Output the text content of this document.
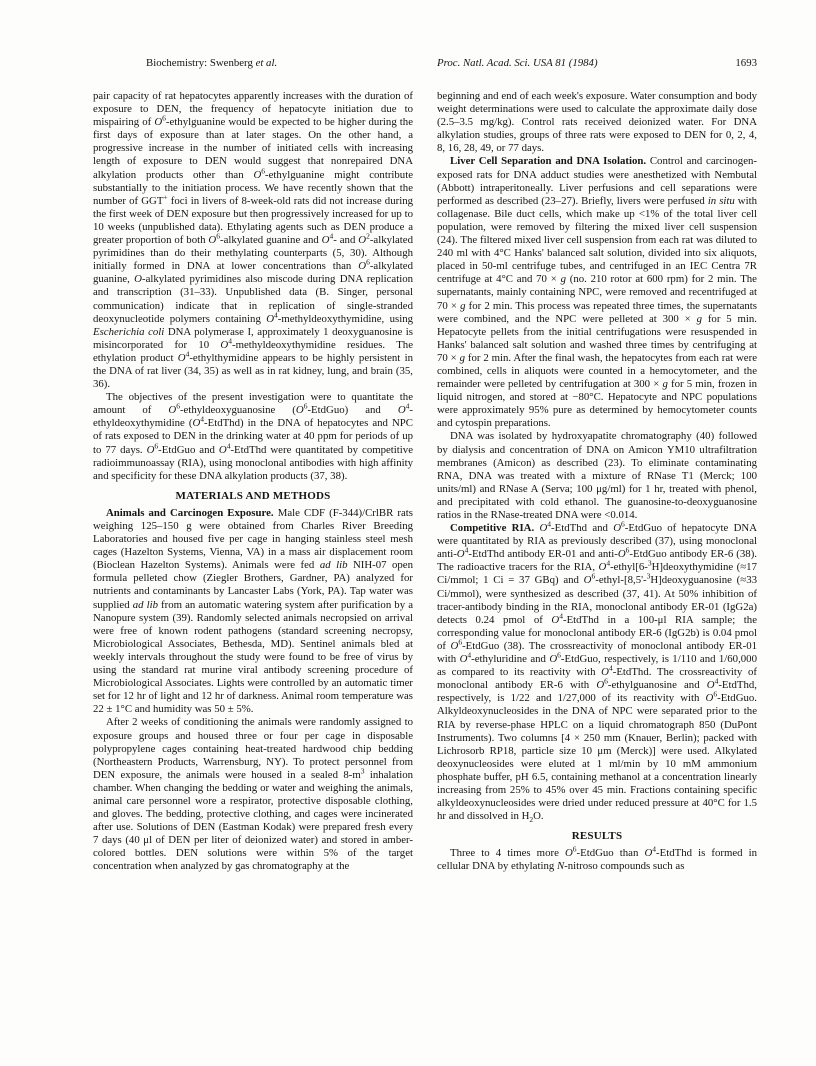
Biochemistry: Swenberg et al.	Proc. Natl. Acad. Sci. USA 81 (1984)	1693

pair capacity of rat hepatocytes apparently increases with the duration of exposure to DEN, the frequency of hepatocyte initiation due to mispairing of $O^6$-ethylguanine would be expected to be higher during the first days of exposure than at later stages. On the other hand, a progressive increase in the number of initiated cells with increasing length of exposure to DEN would suggest that nonrepaired DNA alkylation products other than $O^6$-ethylguanine might contribute substantially to the initiation process. We have recently shown that the number of GGT+ foci in livers of 8-week-old rats did not increase during the first week of DEN exposure but then progressively increased for up to 10 weeks (unpublished data). Ethylating agents such as DEN produce a greater proportion of both $O^6$-alkylated guanine and $O^4-$ and $O^2$-alkylated pyrimidines than do their methylating counterparts (5, 30). Although initially formed in DNA at lower concentrations than $O^6$-alkylated guanine, O-alkylated pyrimidines also miscode during DNA replication and transcription (31–33). Unpublished data (B. Singer, personal communication) indicate that in replication of single-stranded deoxynucleotide polymers containing $O^4$-methyldeoxythymidine, using Escherichia coli DNA polymerase I, approximately 1 deoxyguanosine is misincorporated for 10 $O^4$-methyldeoxythymidine residues. The ethylation product $O^4$-ethylthymidine appears to be highly persistent in the DNA of rat liver (34, 35) as well as in rat kidney, lung, and brain (35, 36).

The objectives of the present investigation were to quantitate the amount of $O^6$-ethyldeoxyguanosine $(O^6-EtdGuo)$ and $O^4$-ethyldeoxythymidine $(O^4-EtdThd)$ in the DNA of hepatocytes and NPC of rats exposed to DEN in the drinking water at 40 ppm for periods of up to 77 days. $O^6$-EtdGuo and $O^4$-EtdThd were quantitated by competitive radioimmunoassay (RIA), using monoclonal antibodies with high affinity and specificity for these DNA alkylation products (37, 38).

MATERIALS AND METHODS

Animals and Carcinogen Exposure. Male CDF (F-344)/CrlBR rats weighing 125–150 g were obtained from Charles River Breeding Laboratories and housed five per cage in hanging stainless steel mesh cages (Hazelton Systems, Vienna, VA) in a mass air displacement room (Bioclean Hazelton Systems). Animals were fed ad lib NIH-07 open formula pelleted chow (Ziegler Brothers, Gardner, PA) analyzed for nutrients and contaminants by Lancaster Labs (York, PA). Tap water was supplied ad lib from an automatic watering system after purification by a Nanopure system (39). Randomly selected animals necropsied on arrival were free of known rodent pathogens (standard screening necropsy, Microbiological Associates, Bethesda, MD). Sentinel animals bled at weekly intervals throughout the study were found to be free of virus by using the standard rat murine viral antibody screening procedure of Microbiological Associates. Lights were controlled by an automatic timer set for 12 hr of light and 12 hr of darkness. Animal room temperature was 22 ± 1°C and humidity was 50 ± 5%.

After 2 weeks of conditioning the animals were randomly assigned to exposure groups and housed three or four per cage in disposable polypropylene cages containing heat-treated hardwood chip bedding (Northeastern Products, Warrensburg, NY). To protect personnel from DEN exposure, the animals were housed in a sealed $8-m^3$ inhalation chamber. When changing the bedding or water and weighing the animals, animal care personnel wore a respirator, protective disposable clothing, and gloves. The bedding, protective clothing, and cages were incinerated after use. Solutions of DEN (Eastman Kodak) were prepared fresh every 7 days (40 μl of DEN per liter of deionized water) and stored in amber-colored bottles. DEN solutions were within 5% of the target concentration when analyzed by gas chromatography at the

beginning and end of each week's exposure. Water consumption and body weight determinations were used to calculate the approximate daily dose (2.5–3.5 mg/kg). Control rats received deionized water. For DNA alkylation studies, groups of three rats were exposed to DEN for 0, 2, 4, 8, 16, 28, 49, or 77 days.

Liver Cell Separation and DNA Isolation. Control and carcinogen-exposed rats for DNA adduct studies were anesthetized with Nembutal (Abbott) intraperitoneally. Liver perfusions and cell separations were performed as described (23–27). Briefly, livers were perfused in situ with collagenase. Bile duct cells, which make up <1% of the total liver cell population, were removed by filtering the mixed liver cell suspension (24). The filtered mixed liver cell suspension from each rat was diluted to 240 ml with 4°C Hanks' balanced salt solution, divided into six aliquots, placed in 50-ml centrifuge tubes, and centrifuged in an IEC Centra 7R centrifuge at 4°C and 70 × g (no. 210 rotor at 600 rpm) for 2 min. The supernatants, mainly containing NPC, were removed and recentrifuged at 70 × g for 2 min. This process was repeated three times, the supernatants were combined, and the NPC were pelleted at 300 × g for 5 min. Hepatocyte pellets from the initial centrifugations were resuspended in Hanks' balanced salt solution and washed three times by centrifuging at 70 × g for 2 min. After the final wash, the hepatocytes from each rat were combined, cells in aliquots were counted in a hemocytometer, and the remainder were pelleted by centrifugation at 300 × g for 5 min, frozen in liquid nitrogen, and stored at −80°C. Hepatocyte and NPC populations were approximately 95% pure as determined by hemocytometer counts and cytospin preparations.

DNA was isolated by hydroxyapatite chromatography (40) followed by dialysis and concentration of DNA on Amicon YM10 ultrafiltration membranes (Amicon) as described (23). To eliminate contaminating RNA, DNA was treated with a mixture of RNase T1 (Merck; 100 units/ml) and RNase A (Serva; 100 μg/ml) for 1 hr, treated with phenol, and precipitated with cold ethanol. The guanosine-to-deoxyguanosine ratios in the RNase-treated DNA were <0.014.

Competitive RIA. $O^4$-EtdThd and $O^6$-EtdGuo of hepatocyte DNA were quantitated by RIA as previously described (37), using monoclonal anti-$O^4$-EtdThd antibody ER-01 and anti-$O^6$-EtdGuo antibody ER-6 (38). The radioactive tracers for the RIA, $O^4-ethyl[6-^3H]deoxythymidine$ (≈17 Ci/mmol; 1 Ci = 37 GBq) and $O^6-ethyl-[8,5'-^3H]deoxyguanosine$ (≈33 Ci/mmol), were synthesized as described (37, 41). At 50% inhibition of tracer-antibody binding in the RIA, monoclonal antibody ER-01 (IgG2a) detects 0.24 pmol of $O^4$-EtdThd in a 100-μl RIA sample; the corresponding value for monoclonal antibody ER-6 (IgG2b) is 0.04 pmol of $O^6$-EtdGuo (38). The crossreactivity of monoclonal antibody ER-01 with $O^4$-ethyluridine and $O^6$-EtdGuo, respectively, is 1/110 and 1/60,000 as compared to its reactivity with $O^4$-EtdThd. The crossreactivity of monoclonal antibody ER-6 with $O^6$-ethylguanosine and $O^4$-EtdThd, respectively, is 1/22 and 1/27,000 of its reactivity with $O^6$-EtdGuo. Alkyldeoxynucleosides in the DNA of NPC were separated prior to the RIA by reverse-phase HPLC on a liquid chromatograph 850 (DuPont Instruments). Two columns [4 × 250 mm (Knauer, Berlin); packed with Lichrosorb RP18, particle size 10 μm (Merck)] were used. Alkylated deoxynucleosides were eluted at 1 ml/min by 10 mM ammonium phosphate buffer, pH 6.5, containing methanol at a concentration linearly increasing from 25% to 45% over 45 min. Fractions containing specific alkyldeoxynucleosides were dried under reduced pressure at 40°C for 1.5 hr and dissolved in $H_2O$.

RESULTS

Three to 4 times more $O^6$-EtdGuo than $O^4$-EtdThd is formed in cellular DNA by ethylating N-nitroso compounds such as
